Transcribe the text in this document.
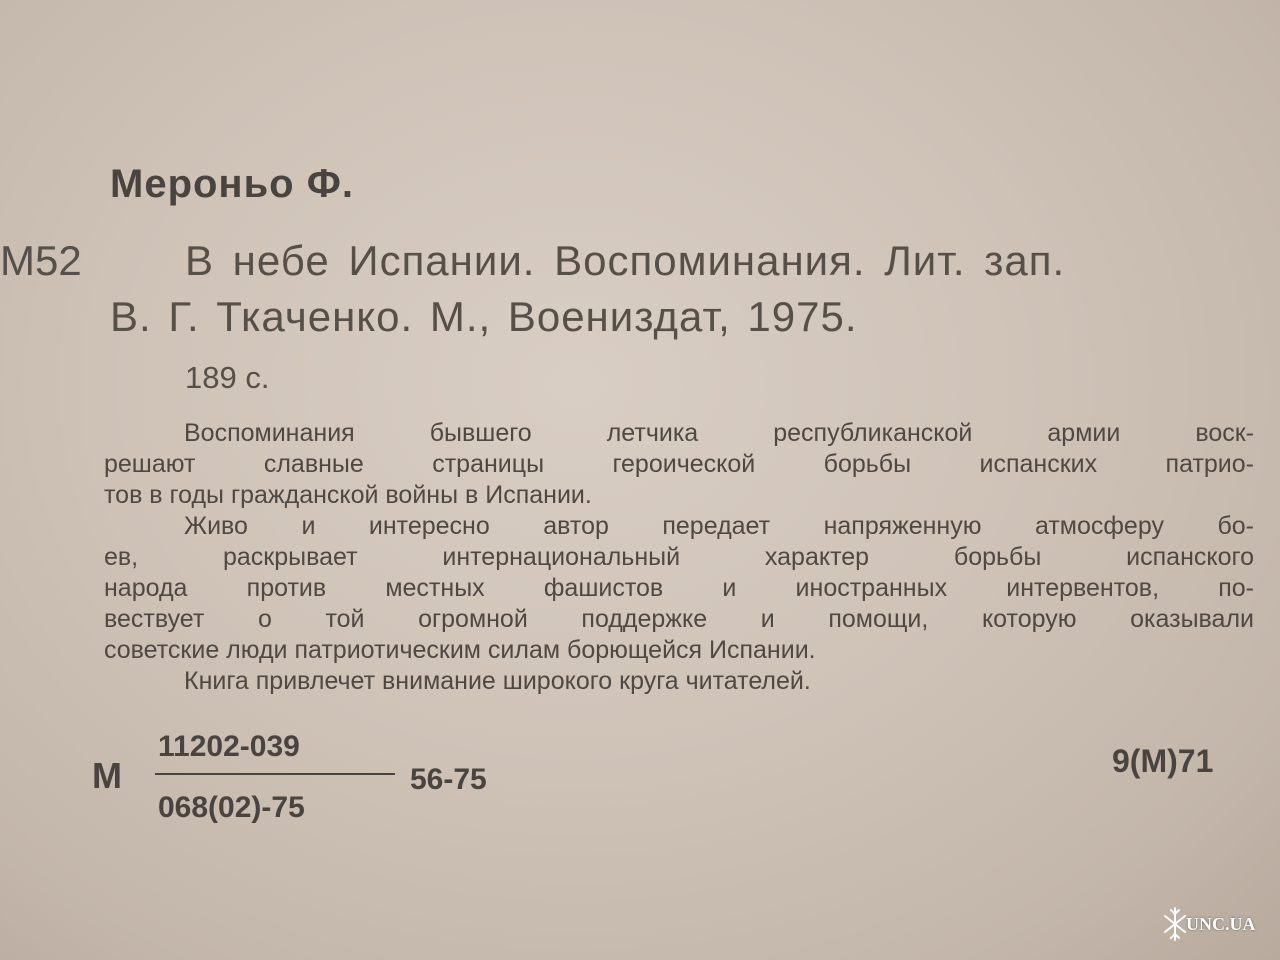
Мероньо Ф.
М52 В небе Испании. Воспоминания. Лит. зап.
В. Г. Ткаченко. М., Воениздат, 1975.
189 с.
Воспоминания бывшего летчика республиканской армии воск-
решают славные страницы героической борьбы испанских патрио-
тов в годы гражданской войны в Испании.
Живо и интересно автор передает напряженную атмосферу бо-
ев, раскрывает интернациональный характер борьбы испанского
народа против местных фашистов и иностранных интервентов, по-
вествует о той огромной поддержке и помощи, которую оказывали
советские люди патриотическим силам борющейся Испании.
Книга привлечет внимание широкого круга читателей.
М
11202-039
068(02)-75
56-75
9(М)71
UNC.UA
